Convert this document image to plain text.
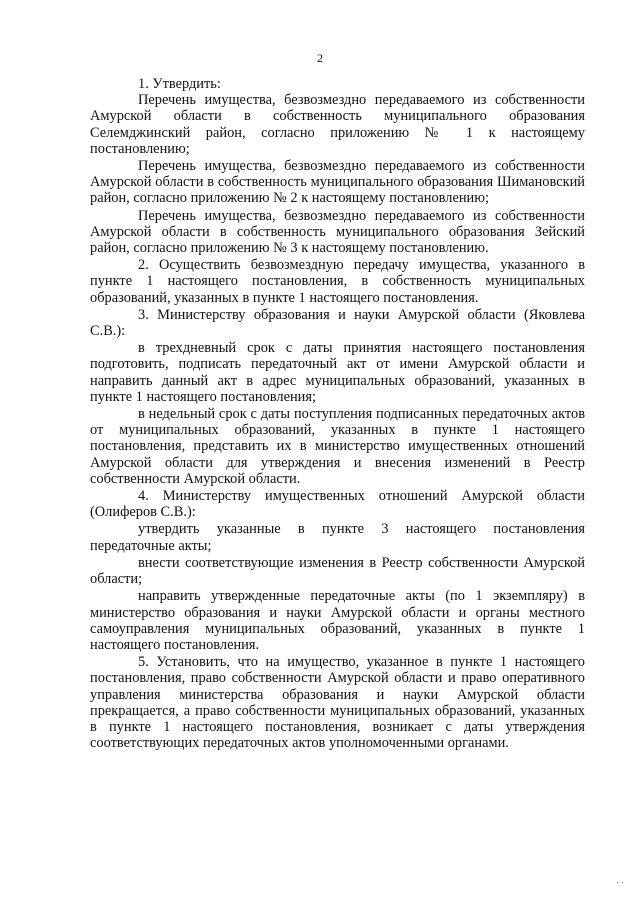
2

1. Утвердить:

Перечень имущества, безвозмездно передаваемого из собственности Амурской области в собственность муниципального образования Селемджинский район, согласно приложению № 1 к настоящему постановлению;

Перечень имущества, безвозмездно передаваемого из собственности Амурской области в собственность муниципального образования Шимановский район, согласно приложению № 2 к настоящему постановлению;

Перечень имущества, безвозмездно передаваемого из собственности Амурской области в собственность муниципального образования Зейский район, согласно приложению № 3 к настоящему постановлению.

2. Осуществить безвозмездную передачу имущества, указанного в пункте 1 настоящего постановления, в собственность муниципальных образований, указанных в пункте 1 настоящего постановления.

3. Министерству образования и науки Амурской области (Яковлева С.В.):

в трехдневный срок с даты принятия настоящего постановления подготовить, подписать передаточный акт от имени Амурской области и направить данный акт в адрес муниципальных образований, указанных в пункте 1 настоящего постановления;

в недельный срок с даты поступления подписанных передаточных актов от муниципальных образований, указанных в пункте 1 настоящего постановления, представить их в министерство имущественных отношений Амурской области для утверждения и внесения изменений в Реестр собственности Амурской области.

4. Министерству имущественных отношений Амурской области (Олиферов С.В.):

утвердить указанные в пункте 3 настоящего постановления передаточные акты;

внести соответствующие изменения в Реестр собственности Амурской области;

направить утвержденные передаточные акты (по 1 экземпляру) в министерство образования и науки Амурской области и органы местного самоуправления муниципальных образований, указанных в пункте 1 настоящего постановления.

5. Установить, что на имущество, указанное в пункте 1 настоящего постановления, право собственности Амурской области и право оперативного управления министерства образования и науки Амурской области прекращается, а право собственности муниципальных образований, указанных в пункте 1 настоящего постановления, возникает с даты утверждения соответствующих передаточных актов уполномоченными органами.

․․
